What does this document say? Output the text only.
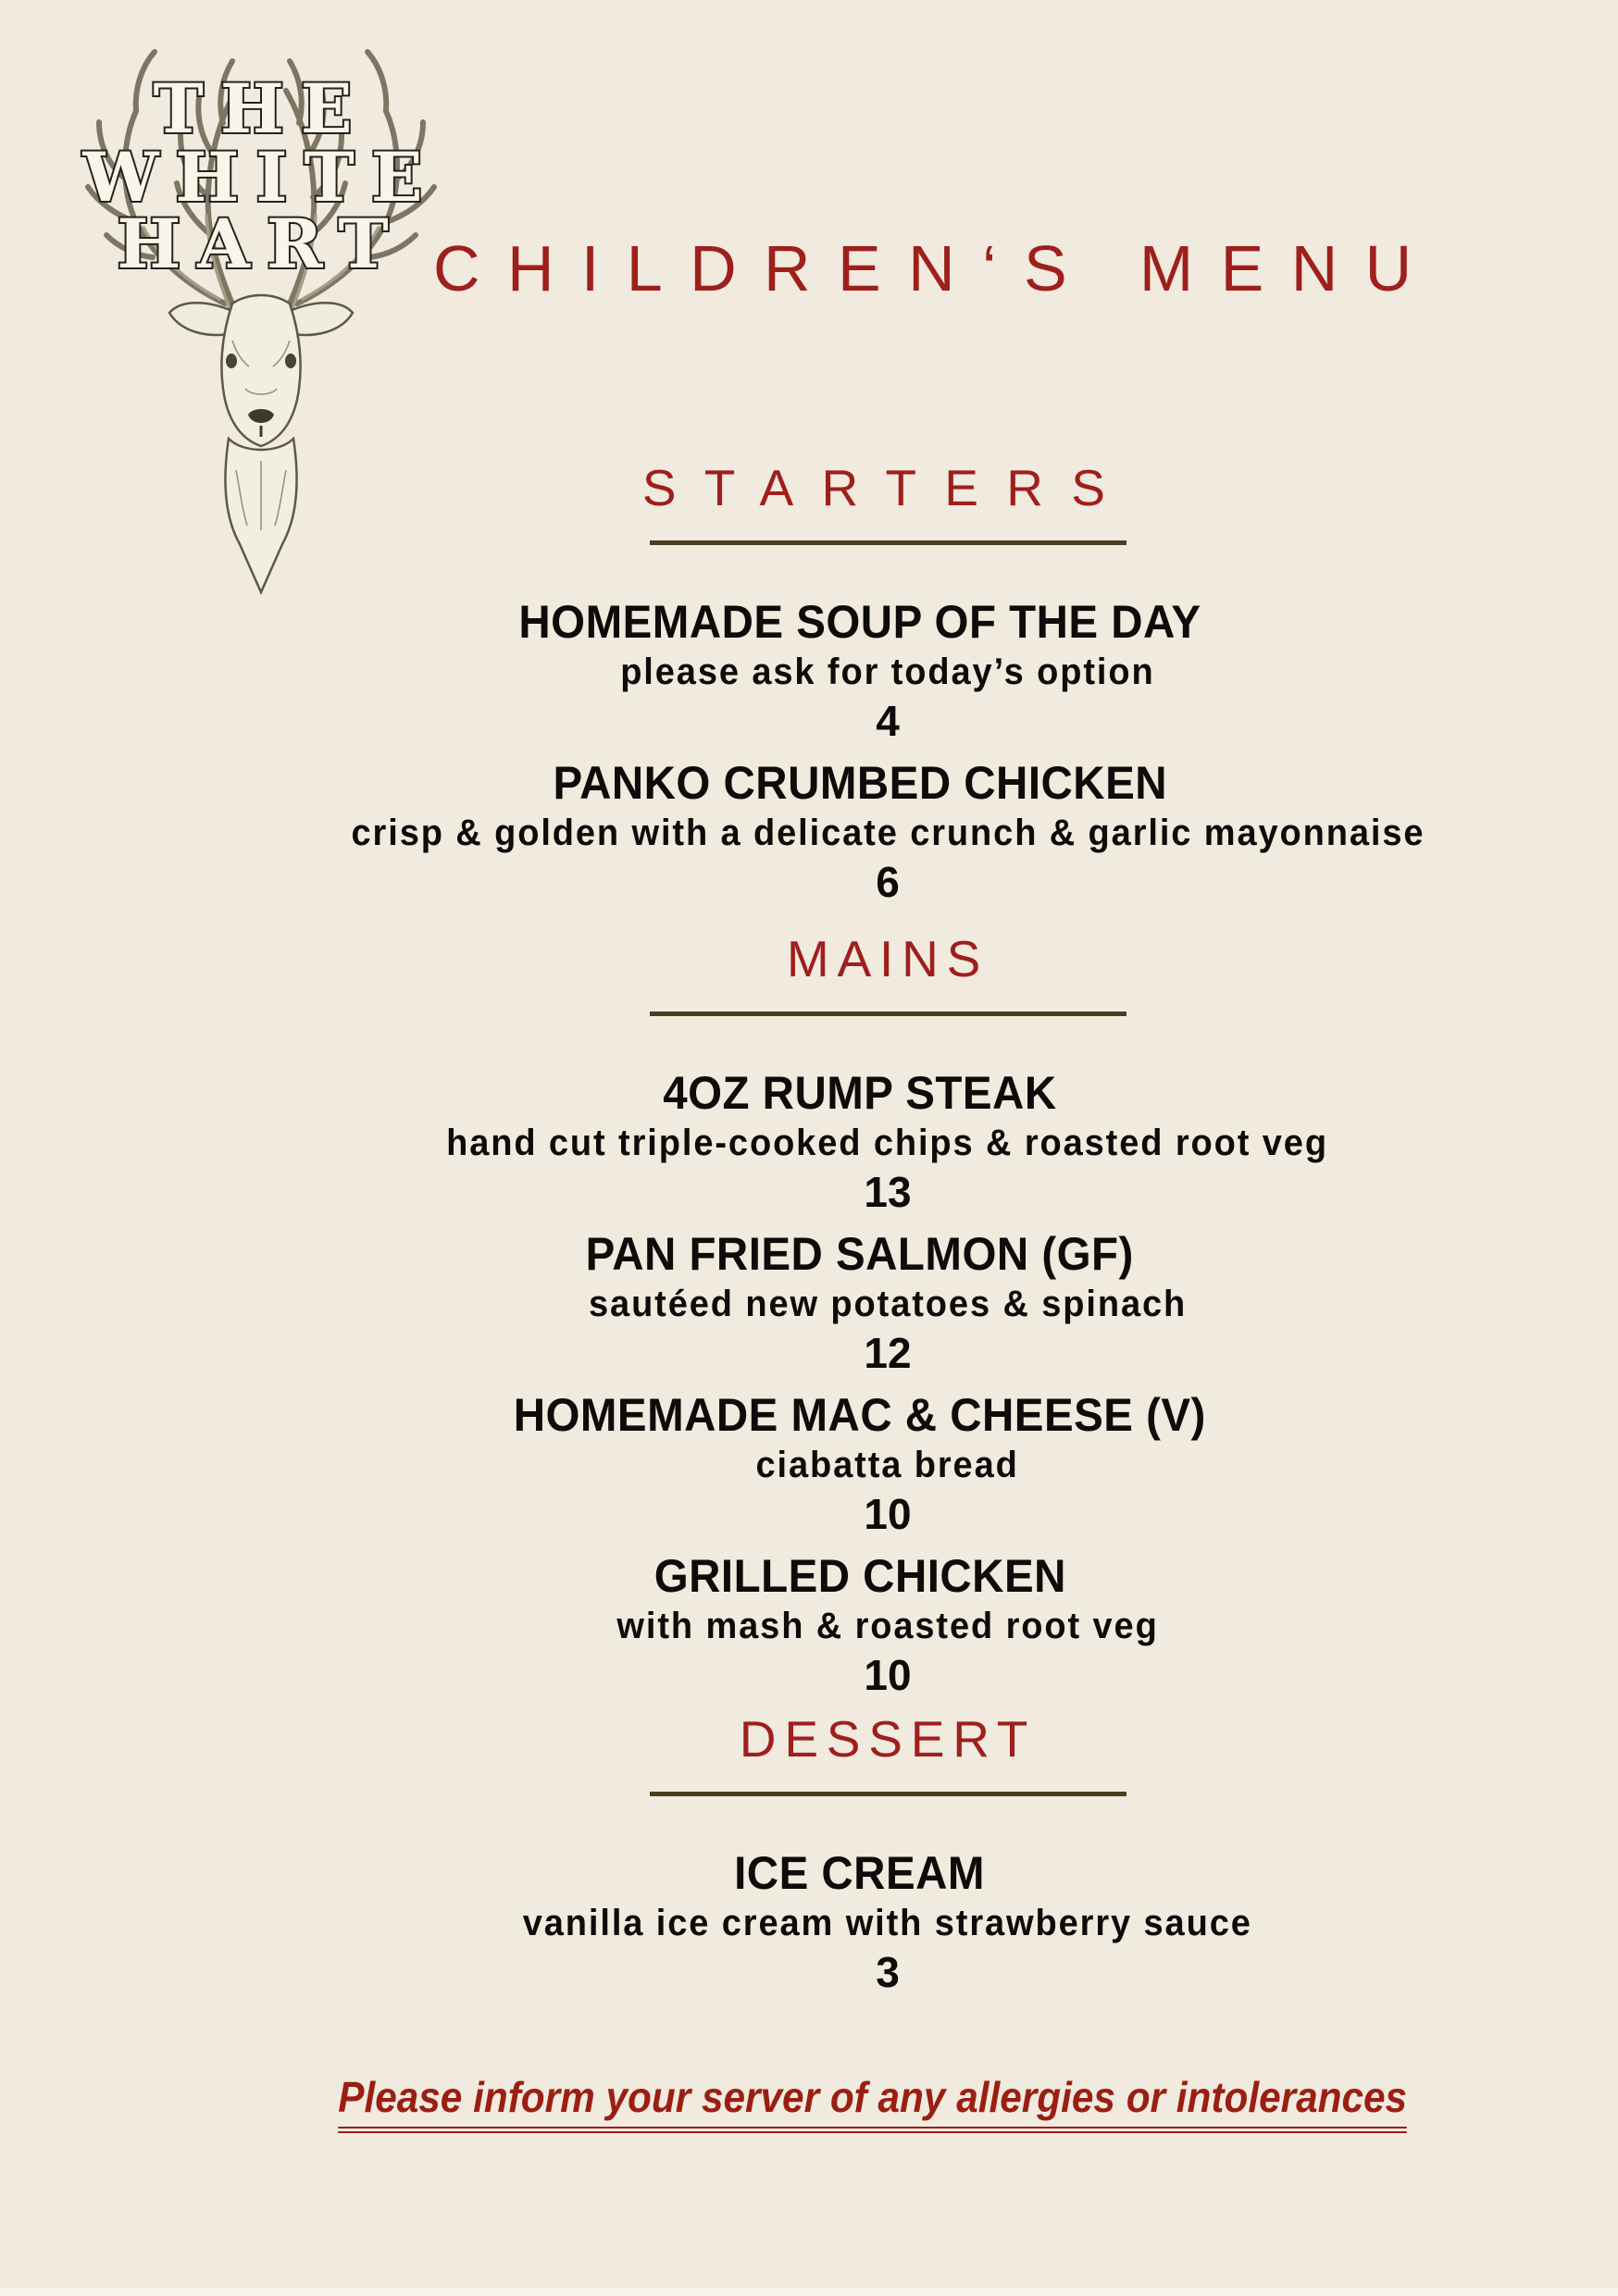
THE
WHITE
HART CHILDREN‘S MENU
STARTERS
HOMEMADE SOUP OF THE DAY
please ask for today’s option
4
PANKO CRUMBED CHICKEN
crisp & golden with a delicate crunch & garlic mayonnaise
6
MAINS
4OZ RUMP STEAK
hand cut triple-cooked chips & roasted root veg
13
PAN FRIED SALMON (GF)
sautéed new potatoes & spinach
12
HOMEMADE MAC & CHEESE (V)
ciabatta bread
10
GRILLED CHICKEN
with mash & roasted root veg
10
DESSERT
ICE CREAM
vanilla ice cream with strawberry sauce
3
Please inform your server of any allergies or intolerances
